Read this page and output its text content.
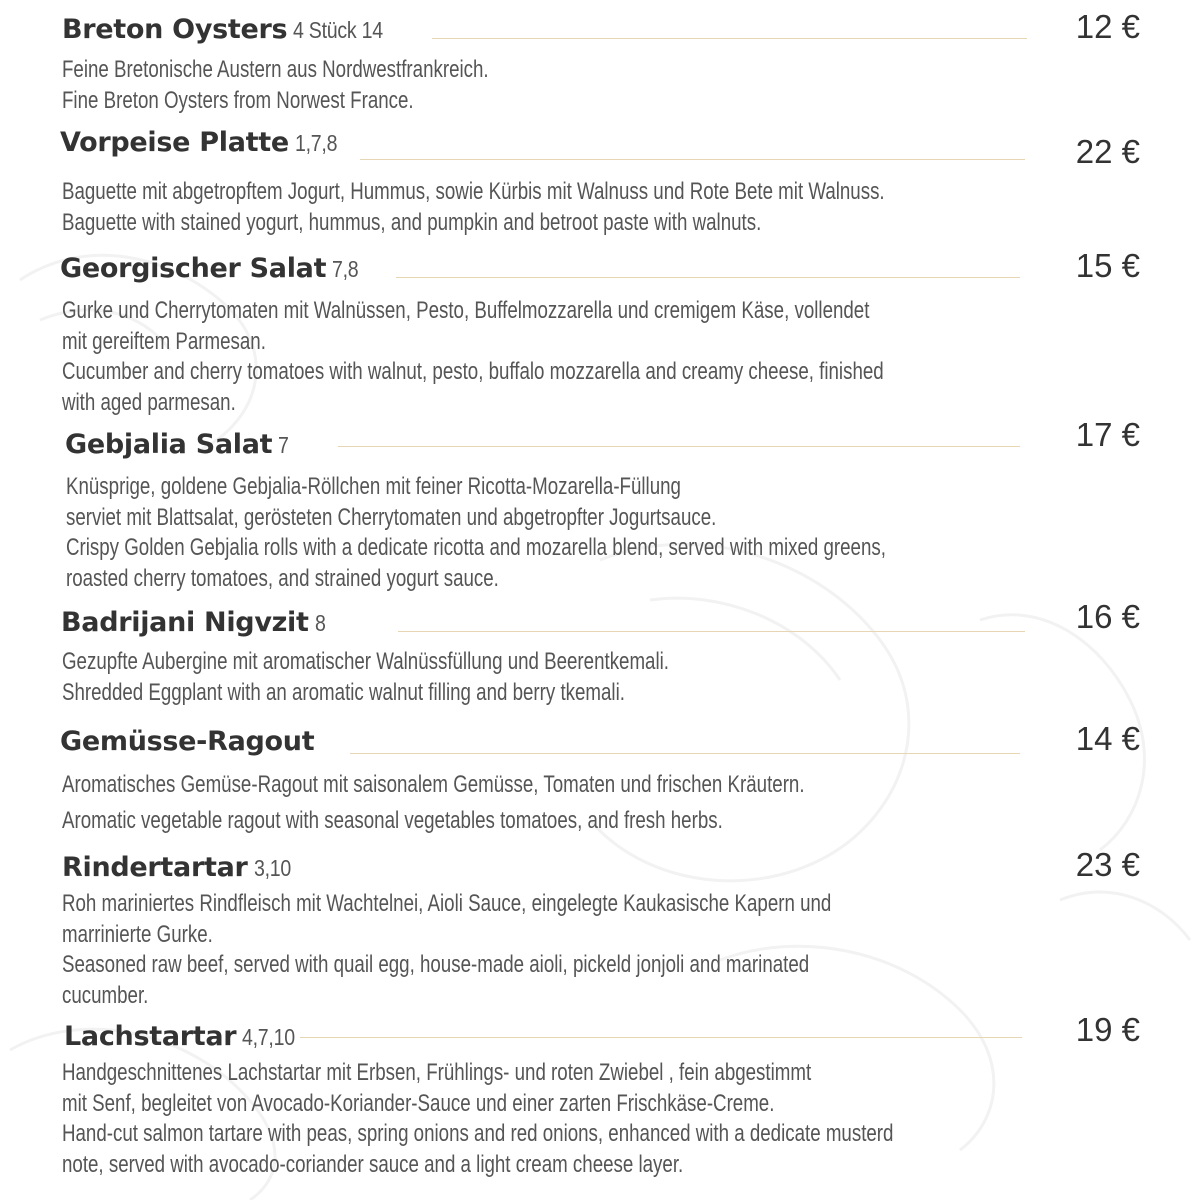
Breton Oysters 4 Stück 14	12 €
Feine Bretonische Austern aus Nordwestfrankreich.
Fine Breton Oysters from Norwest France.
Vorpeise Platte 1,7,8	22 €
Baguette mit abgetropftem Jogurt, Hummus, sowie Kürbis mit Walnuss und Rote Bete mit Walnuss.
Baguette with stained yogurt, hummus, and pumpkin and betroot paste with walnuts.
Georgischer Salat 7,8	15 €
Gurke und Cherrytomaten mit Walnüssen, Pesto, Buffelmozzarella und cremigem Käse, vollendet
mit gereiftem Parmesan.
Cucumber and cherry tomatoes with walnut, pesto, buffalo mozzarella and creamy cheese, finished
with aged parmesan.
Gebjalia Salat 7	17 €
Knüsprige, goldene Gebjalia-Röllchen mit feiner Ricotta-Mozarella-Füllung
serviet mit Blattsalat, gerösteten Cherrytomaten und abgetropfter Jogurtsauce.
Crispy Golden Gebjalia rolls with a dedicate ricotta and mozarella blend, served with mixed greens,
roasted cherry tomatoes, and strained yogurt sauce.
Badrijani Nigvzit 8	16 €
Gezupfte Aubergine mit aromatischer Walnüssfüllung und Beerentkemali.
Shredded Eggplant with an aromatic walnut filling and berry tkemali.
Gemüsse-Ragout	14 €
Aromatisches Gemüse-Ragout mit saisonalem Gemüsse, Tomaten und frischen Kräutern.
Aromatic vegetable ragout with seasonal vegetables tomatoes, and fresh herbs.
Rindertartar 3,10	23 €
Roh mariniertes Rindfleisch mit Wachtelnei, Aioli Sauce, eingelegte Kaukasische Kapern und
marrinierte Gurke.
Seasoned raw beef, served with quail egg, house-made aioli, pickeld jonjoli and marinated
cucumber.
Lachstartar 4,7,10	19 €
Handgeschnittenes Lachstartar mit Erbsen, Frühlings- und roten Zwiebel , fein abgestimmt
mit Senf, begleitet von Avocado-Koriander-Sauce und einer zarten Frischkäse-Creme.
Hand-cut salmon tartare with peas, spring onions and red onions, enhanced with a dedicate musterd
note, served with avocado-coriander sauce and a light cream cheese layer.
